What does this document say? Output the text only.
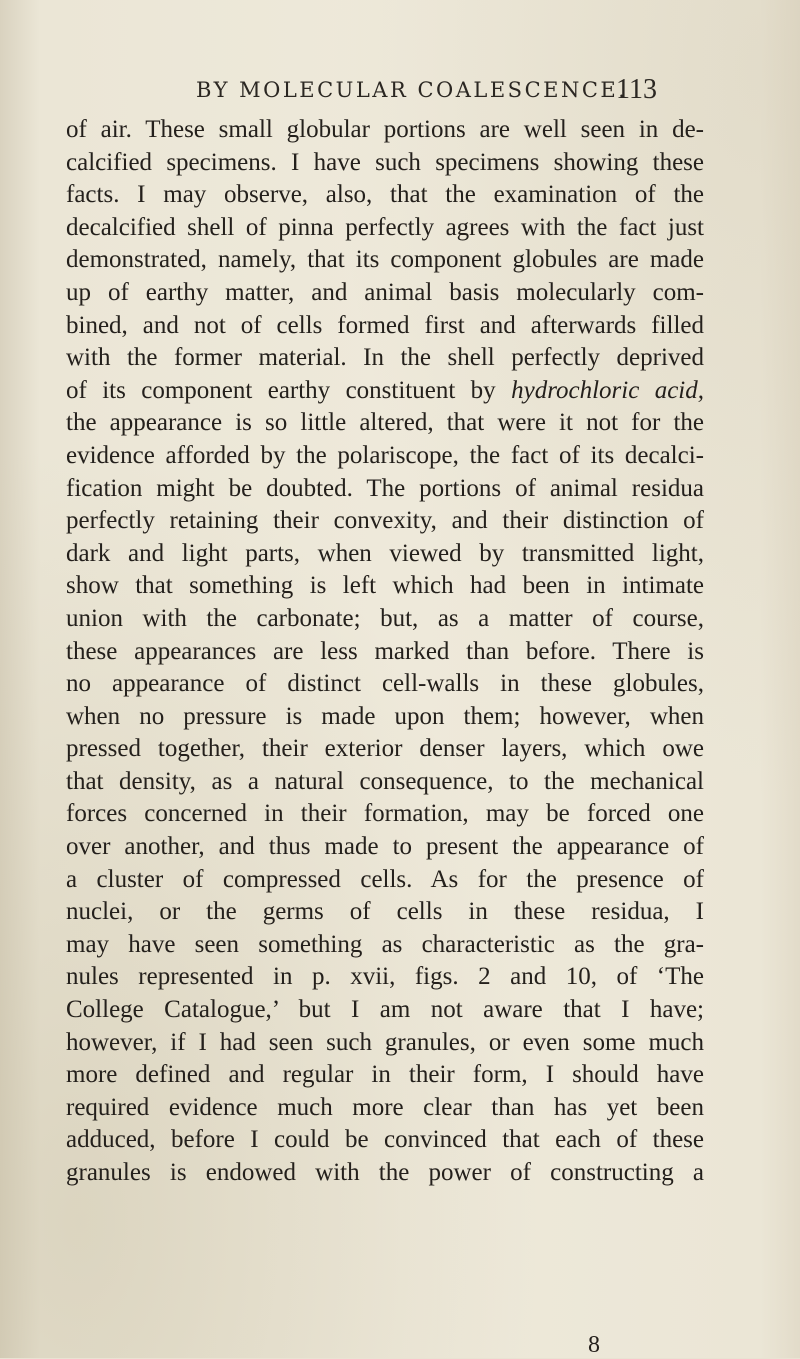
BY MOLECULAR COALESCENCE.
113
of air. These small globular portions are well seen in de-
calcified specimens. I have such specimens showing these
facts. I may observe, also, that the examination of the
decalcified shell of pinna perfectly agrees with the fact just
demonstrated, namely, that its component globules are made
up of earthy matter, and animal basis molecularly com-
bined, and not of cells formed first and afterwards filled
with the former material. In the shell perfectly deprived
of its component earthy constituent by hydrochloric acid,
the appearance is so little altered, that were it not for the
evidence afforded by the polariscope, the fact of its decalci-
fication might be doubted. The portions of animal residua
perfectly retaining their convexity, and their distinction of
dark and light parts, when viewed by transmitted light,
show that something is left which had been in intimate
union with the carbonate; but, as a matter of course,
these appearances are less marked than before. There is
no appearance of distinct cell-walls in these globules,
when no pressure is made upon them; however, when
pressed together, their exterior denser layers, which owe
that density, as a natural consequence, to the mechanical
forces concerned in their formation, may be forced one
over another, and thus made to present the appearance of
a cluster of compressed cells. As for the presence of
nuclei, or the germs of cells in these residua, I
may have seen something as characteristic as the gra-
nules represented in p. xvii, figs. 2 and 10, of ‘The
College Catalogue,’ but I am not aware that I have;
however, if I had seen such granules, or even some much
more defined and regular in their form, I should have
required evidence much more clear than has yet been
adduced, before I could be convinced that each of these
granules is endowed with the power of constructing a
8
